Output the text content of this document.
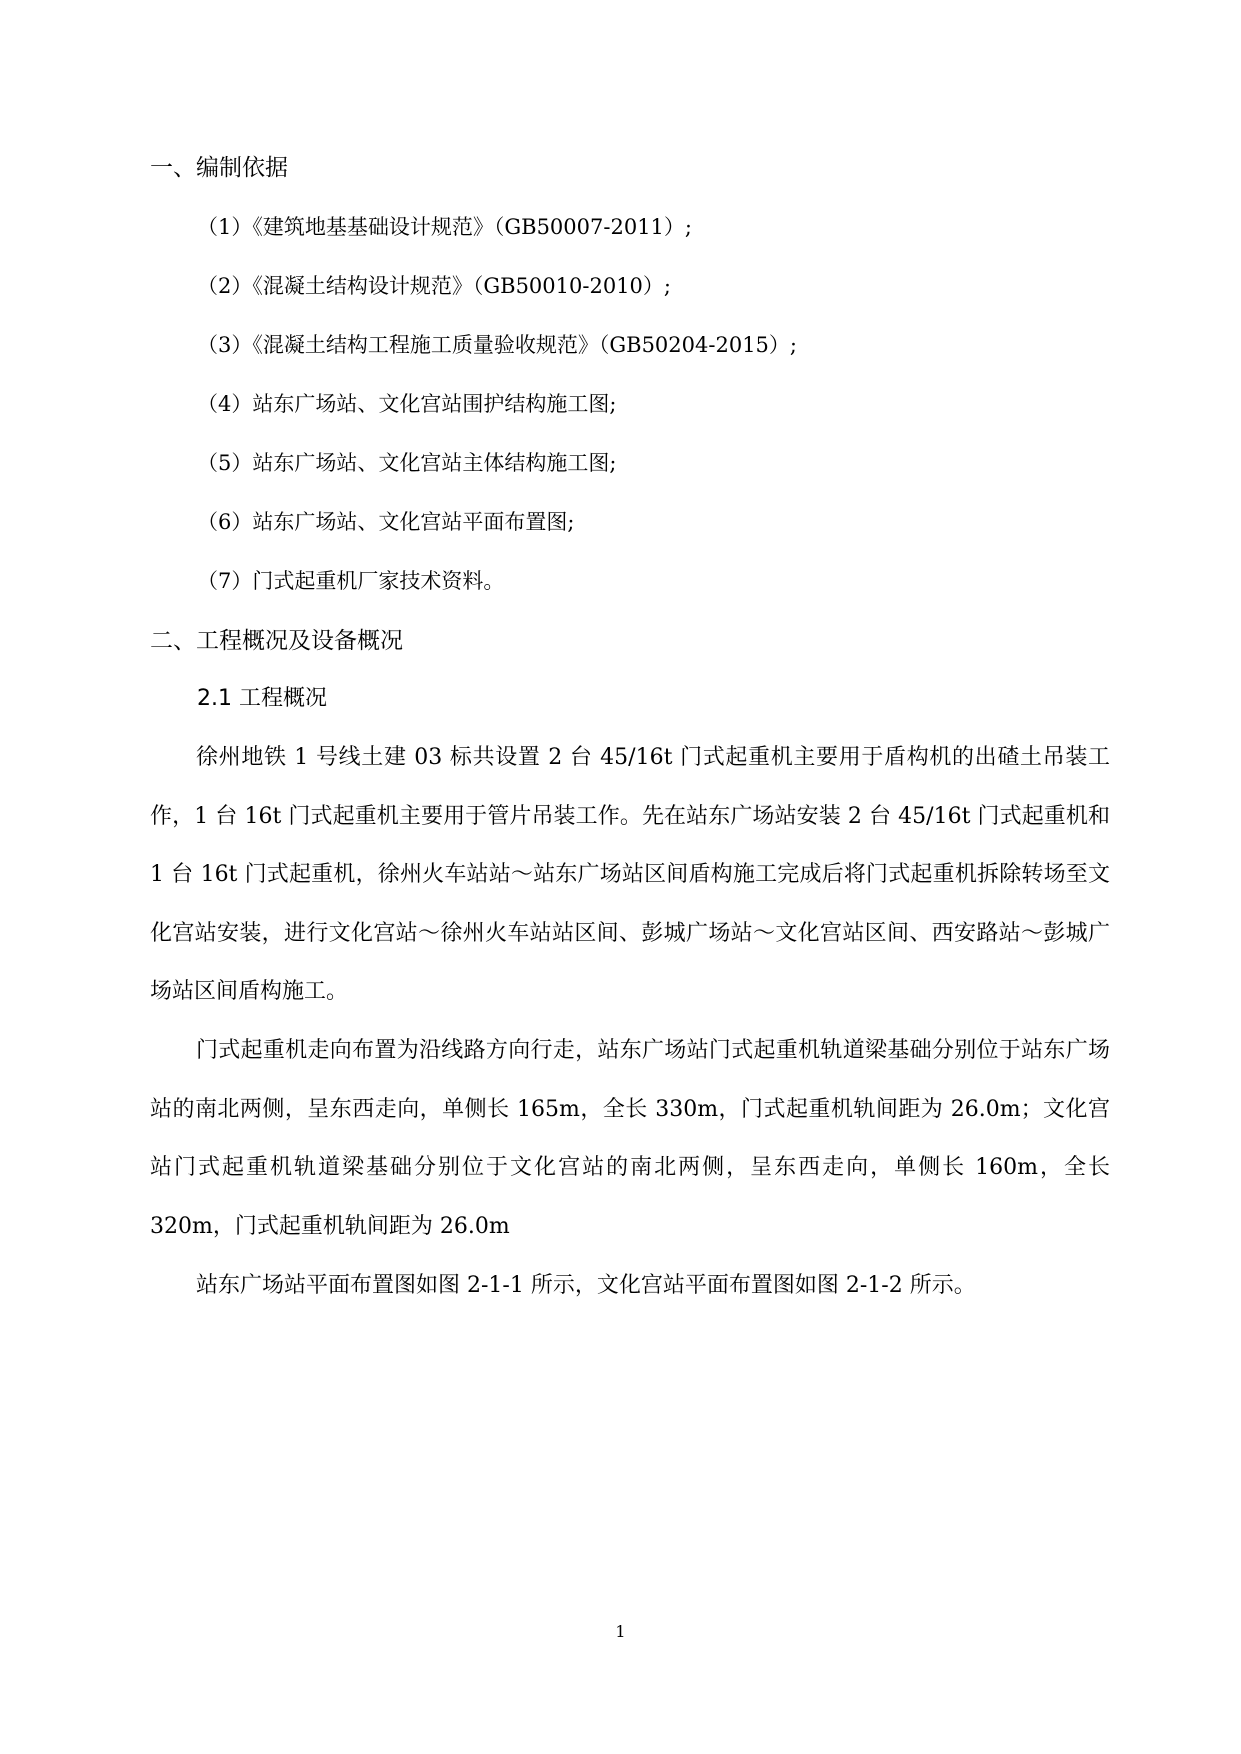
一、编制依据
（1）《建筑地基基础设计规范》（GB50007-2011）;
（2）《混凝土结构设计规范》（GB50010-2010）;
（3）《混凝土结构工程施工质量验收规范》（GB50204-2015）;
（4）站东广场站、文化宫站围护结构施工图;
（5）站东广场站、文化宫站主体结构施工图;
（6）站东广场站、文化宫站平面布置图;
（7）门式起重机厂家技术资料。
二、工程概况及设备概况
2.1 工程概况
徐州地铁 1 号线土建 03 标共设置 2 台 45/16t 门式起重机主要用于盾构机的出碴土吊装工作，1 台 16t 门式起重机主要用于管片吊装工作。先在站东广场站安装 2 台 45/16t 门式起重机和 1 台 16t 门式起重机，徐州火车站站～站东广场站区间盾构施工完成后将门式起重机拆除转场至文化宫站安装，进行文化宫站～徐州火车站站区间、彭城广场站～文化宫站区间、西安路站～彭城广场站区间盾构施工。
门式起重机走向布置为沿线路方向行走，站东广场站门式起重机轨道梁基础分别位于站东广场站的南北两侧，呈东西走向，单侧长 165m，全长 330m，门式起重机轨间距为 26.0m；文化宫站门式起重机轨道梁基础分别位于文化宫站的南北两侧，呈东西走向，单侧长 160m，全长 320m，门式起重机轨间距为 26.0m
站东广场站平面布置图如图 2-1-1 所示，文化宫站平面布置图如图 2-1-2 所示。
1
